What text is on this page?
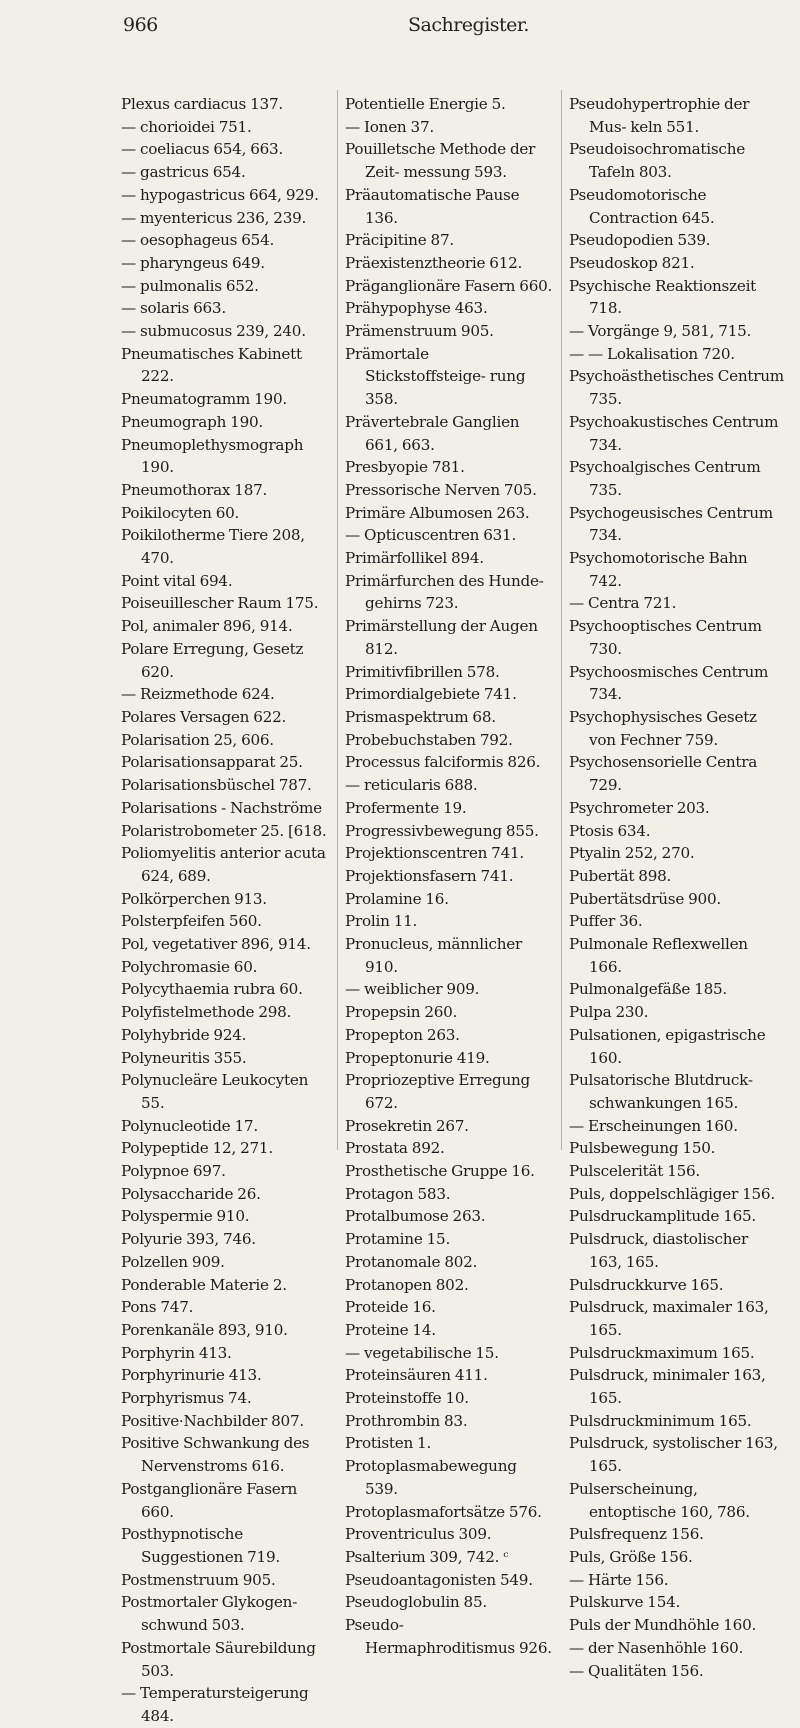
966	Sachregister.
Plexus cardiacus 137.
— chorioidei 751.
— coeliacus 654, 663.
— gastricus 654.
— hypogastricus 664, 929.
— myentericus 236, 239.
— oesophageus 654.
— pharyngeus 649.
— pulmonalis 652.
— solaris 663.
— submucosus 239, 240.
Pneumatisches Kabinett 222.
Pneumatogramm 190.
Pneumograph 190.
Pneumoplethysmograph 190.
Pneumothorax 187.
Poikilocyten 60.
Poikilotherme Tiere 208, 470.
Point vital 694.
Poiseuillescher Raum 175.
Pol, animaler 896, 914.
Polare Erregung, Gesetz 620.
— Reizmethode 624.
Polares Versagen 622.
Polarisation 25, 606.
Polarisationsapparat 25.
Polarisationsbüschel 787.
Polarisations - Nachströme
Polaristrobometer 25. [618.
Poliomyelitis anterior acuta 624, 689.
Polkörperchen 913.
Polsterpfeifen 560.
Pol, vegetativer 896, 914.
Polychromasie 60.
Polycythaemia rubra 60.
Polyfistelmethode 298.
Polyhybride 924.
Polyneuritis 355.
Polynucleäre Leukocyten 55.
Polynucleotide 17.
Polypeptide 12, 271.
Polypnoe 697.
Polysaccharide 26.
Polyspermie 910.
Polyurie 393, 746.
Polzellen 909.
Ponderable Materie 2.
Pons 747.
Porenkanäle 893, 910.
Porphyrin 413.
Porphyrinurie 413.
Porphyrismus 74.
Positive·Nachbilder 807.
Positive Schwankung des Nervenstroms 616.
Postganglionäre Fasern 660.
Posthypnotische Suggestionen 719.
Postmenstruum 905.
Postmortaler Glykogen- schwund 503.
Postmortale Säurebildung 503.
— Temperatursteigerung 484.
Potentielle Energie 5.
— Ionen 37.
Pouilletsche Methode der Zeit- messung 593.
Präautomatische Pause 136.
Präcipitine 87.
Präexistenztheorie 612.
Präganglionäre Fasern 660.
Prähypophyse 463.
Prämenstruum 905.
Prämortale Stickstoffsteige- rung 358.
Prävertebrale Ganglien 661, 663.
Presbyopie 781.
Pressorische Nerven 705.
Primäre Albumosen 263.
— Opticuscentren 631.
Primärfollikel 894.
Primärfurchen des Hunde- gehirns 723.
Primärstellung der Augen 812.
Primitivfibrillen 578.
Primordialgebiete 741.
Prismaspektrum 68.
Probebuchstaben 792.
Processus falciformis 826.
— reticularis 688.
Profermente 19.
Progressivbewegung 855.
Projektionscentren 741.
Projektionsfasern 741.
Prolamine 16.
Prolin 11.
Pronucleus, männlicher 910.
— weiblicher 909.
Propepsin 260.
Propepton 263.
Propeptonurie 419.
Propriozeptive Erregung 672.
Prosekretin 267.
Prostata 892.
Prosthetische Gruppe 16.
Protagon 583.
Protalbumose 263.
Protamine 15.
Protanomale 802.
Protanopen 802.
Proteide 16.
Proteine 14.
— vegetabilische 15.
Proteinsäuren 411.
Proteinstoffe 10.
Prothrombin 83.
Protisten 1.
Protoplasmabewegung 539.
Protoplasmafortsätze 576.
Proventriculus 309.
Psalterium 309, 742. ᶜ
Pseudoantagonisten 549.
Pseudoglobulin 85.
Pseudo-Hermaphroditismus 926.
Pseudohypertrophie der Mus- keln 551.
Pseudoisochromatische Tafeln 803.
Pseudomotorische Contraction 645.
Pseudopodien 539.
Pseudoskop 821.
Psychische Reaktionszeit 718.
— Vorgänge 9, 581, 715.
— — Lokalisation 720.
Psychoästhetisches Centrum 735.
Psychoakustisches Centrum 734.
Psychoalgisches Centrum 735.
Psychogeusisches Centrum 734.
Psychomotorische Bahn 742.
— Centra 721.
Psychooptisches Centrum 730.
Psychoosmisches Centrum 734.
Psychophysisches Gesetz von Fechner 759.
Psychosensorielle Centra 729.
Psychrometer 203.
Ptosis 634.
Ptyalin 252, 270.
Pubertät 898.
Pubertätsdrüse 900.
Puffer 36.
Pulmonale Reflexwellen 166.
Pulmonalgefäße 185.
Pulpa 230.
Pulsationen, epigastrische 160.
Pulsatorische Blutdruck- schwankungen 165.
— Erscheinungen 160.
Pulsbewegung 150.
Pulscelerität 156.
Puls, doppelschlägiger 156.
Pulsdruckamplitude 165.
Pulsdruck, diastolischer 163, 165.
Pulsdruckkurve 165.
Pulsdruck, maximaler 163, 165.
Pulsdruckmaximum 165.
Pulsdruck, minimaler 163, 165.
Pulsdruckminimum 165.
Pulsdruck, systolischer 163, 165.
Pulserscheinung, entoptische 160, 786.
Pulsfrequenz 156.
Puls, Größe 156.
— Härte 156.
Pulskurve 154.
Puls der Mundhöhle 160.
— der Nasenhöhle 160.
— Qualitäten 156.
